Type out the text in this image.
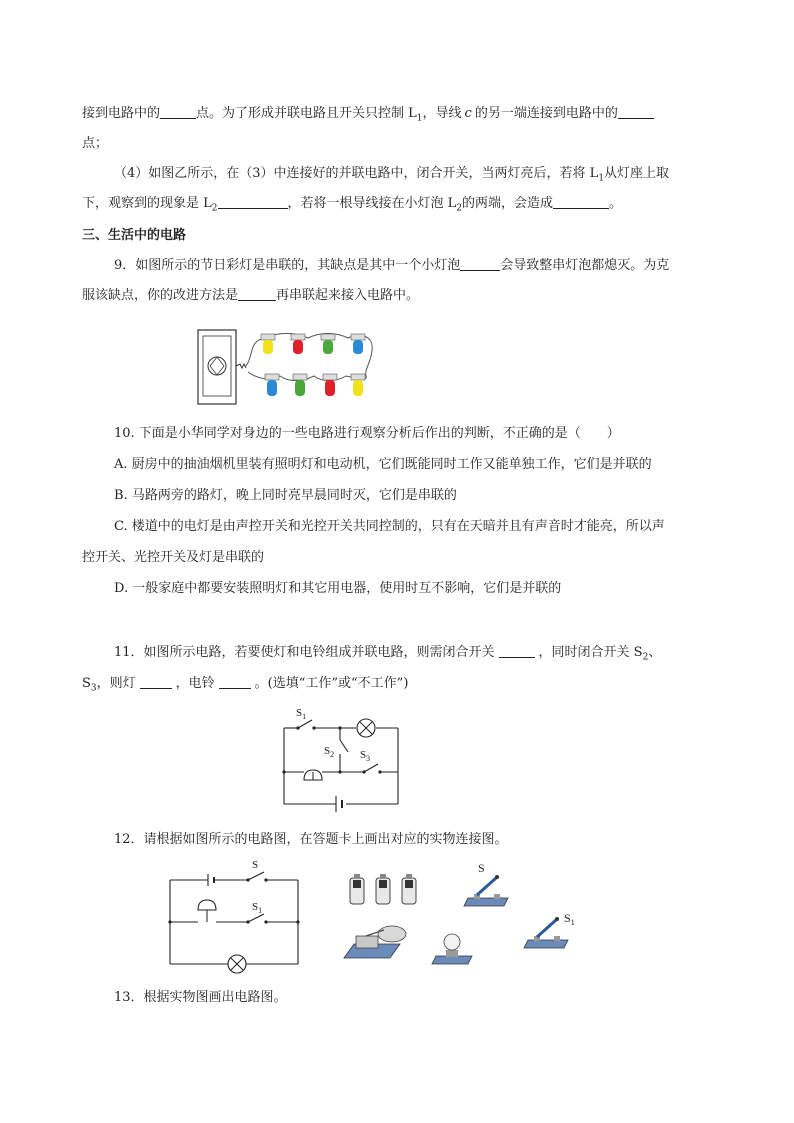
接到电路中的	点。为了形成并联电路且开关只控制 $L_1$，导线 c 的另一端连接到电路中的
点；
（4）如图乙所示，在（3）中连接好的并联电路中，闭合开关，当两灯亮后，若将 $L_1$从灯座上取
下，观察到的现象是 $L_2$	，若将一根导线接在小灯泡 $L_2$的两端，会造成	。
三、生活中的电路
9．如图所示的节日彩灯是串联的，其缺点是其中一个小灯泡	会导致整串灯泡都熄灭。为克
服该缺点，你的改进方法是	再串联起来接入电路中。
10. 下面是小华同学对身边的一些电路进行观察分析后作出的判断，不正确的是（　　）
A. 厨房中的抽油烟机里装有照明灯和电动机，它们既能同时工作又能单独工作，它们是并联的
B. 马路两旁的路灯，晚上同时亮早晨同时灭，它们是串联的
C. 楼道中的电灯是由声控开关和光控开关共同控制的，只有在天暗并且有声音时才能亮，所以声
控开关、光控开关及灯是串联的
D. 一般家庭中都要安装照明灯和其它用电器，使用时互不影响，它们是并联的
11．如图所示电路，若要使灯和电铃组成并联电路，则需闭合开关	，同时闭合开关 $S_2$、
$S_3$，则灯	，电铃	。(选填“工作”或“不工作”)
$S_1$
$S_2$ $S_3$
12．请根据如图所示的电路图，在答题卡上画出对应的实物连接图。
S
$S_1$
S
$S_1$
13．根据实物图画出电路图。
